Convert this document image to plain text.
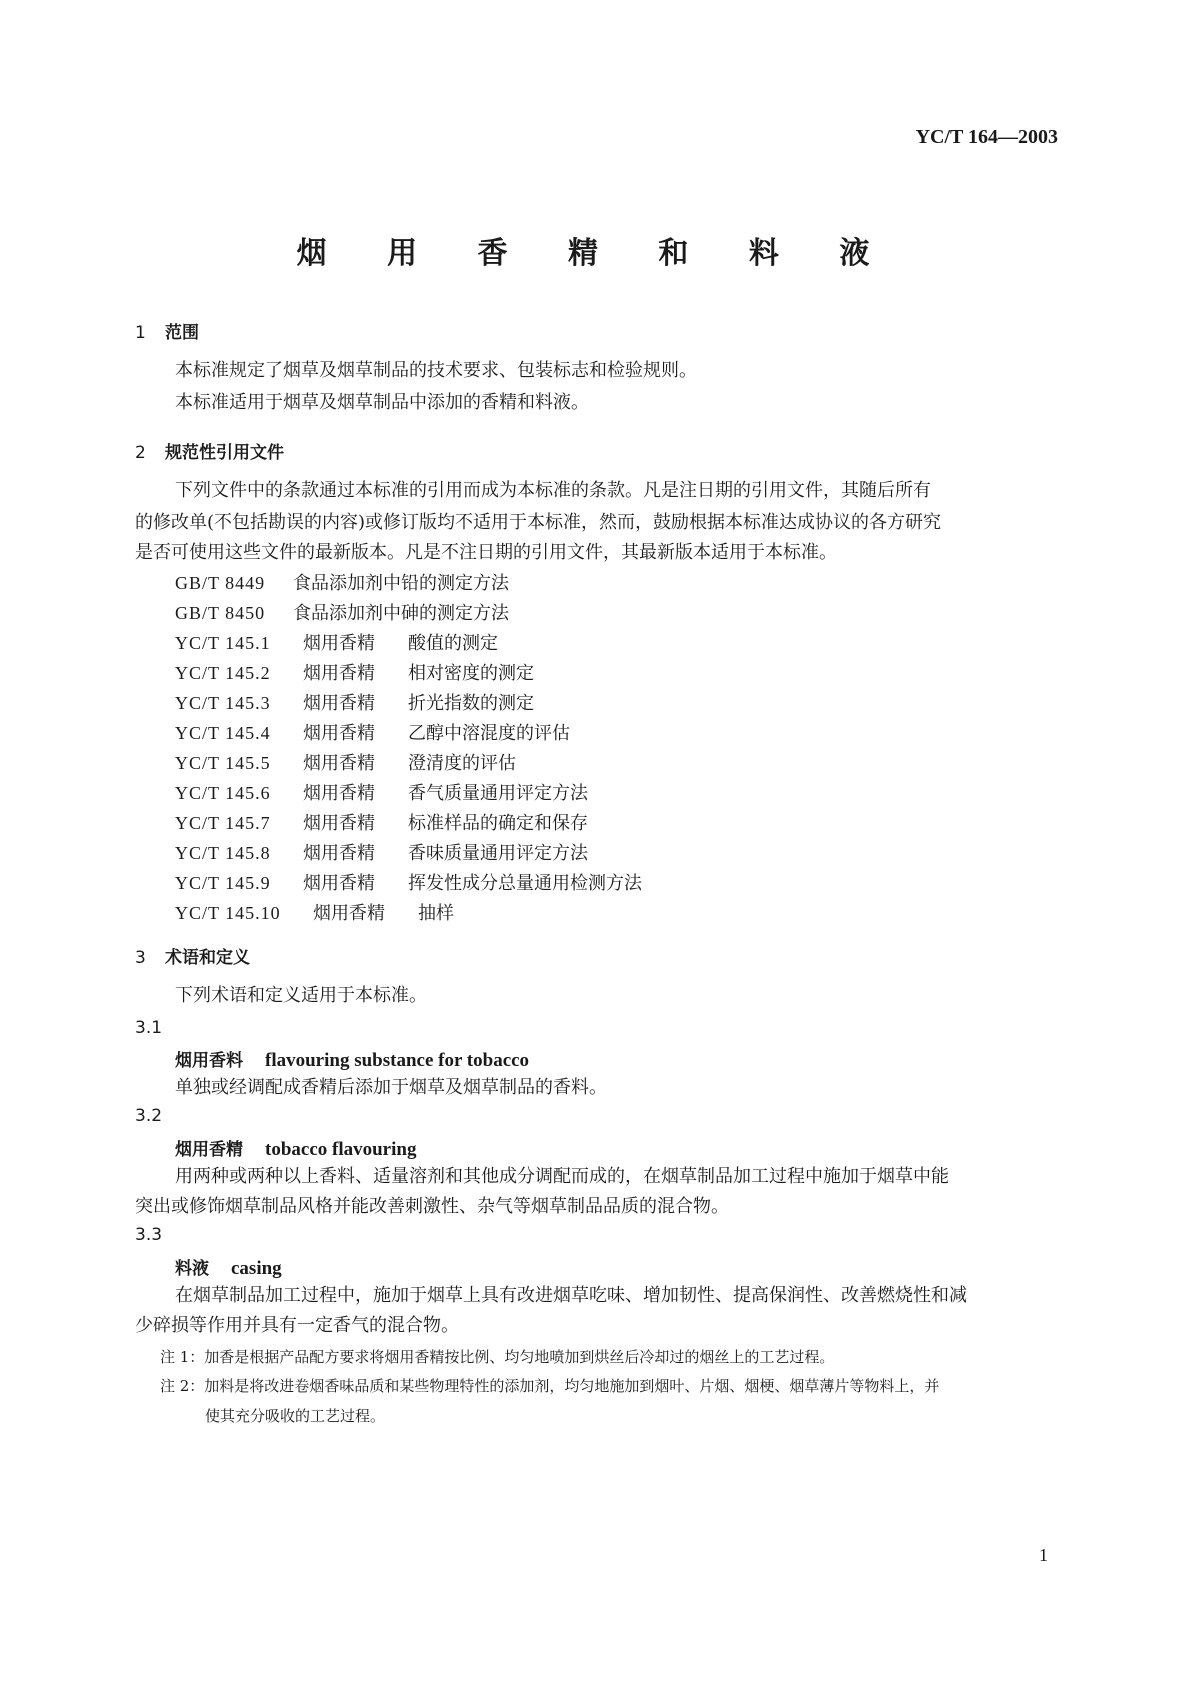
YC/T 164—2003
烟 用 香 精 和 料 液
1 范围
本标准规定了烟草及烟草制品的技术要求、包装标志和检验规则。
本标准适用于烟草及烟草制品中添加的香精和料液。
2 规范性引用文件
下列文件中的条款通过本标准的引用而成为本标准的条款。凡是注日期的引用文件，其随后所有
的修改单(不包括勘误的内容)或修订版均不适用于本标准，然而，鼓励根据本标准达成协议的各方研究
是否可使用这些文件的最新版本。凡是不注日期的引用文件，其最新版本适用于本标准。
GB/T 8449 食品添加剂中铅的测定方法
GB/T 8450 食品添加剂中砷的测定方法
YC/T 145.1 烟用香精 酸值的测定
YC/T 145.2 烟用香精 相对密度的测定
YC/T 145.3 烟用香精 折光指数的测定
YC/T 145.4 烟用香精 乙醇中溶混度的评估
YC/T 145.5 烟用香精 澄清度的评估
YC/T 145.6 烟用香精 香气质量通用评定方法
YC/T 145.7 烟用香精 标准样品的确定和保存
YC/T 145.8 烟用香精 香味质量通用评定方法
YC/T 145.9 烟用香精 挥发性成分总量通用检测方法
YC/T 145.10 烟用香精 抽样
3 术语和定义
下列术语和定义适用于本标准。
3.1
烟用香料 flavouring substance for tobacco
单独或经调配成香精后添加于烟草及烟草制品的香料。
3.2
烟用香精 tobacco flavouring
用两种或两种以上香料、适量溶剂和其他成分调配而成的，在烟草制品加工过程中施加于烟草中能
突出或修饰烟草制品风格并能改善刺激性、杂气等烟草制品品质的混合物。
3.3
料液 casing
在烟草制品加工过程中，施加于烟草上具有改进烟草吃味、增加韧性、提高保润性、改善燃烧性和减
少碎损等作用并具有一定香气的混合物。
注 1：加香是根据产品配方要求将烟用香精按比例、均匀地喷加到烘丝后冷却过的烟丝上的工艺过程。
注 2：加料是将改进卷烟香味品质和某些物理特性的添加剂，均匀地施加到烟叶、片烟、烟梗、烟草薄片等物料上，并
使其充分吸收的工艺过程。
1
